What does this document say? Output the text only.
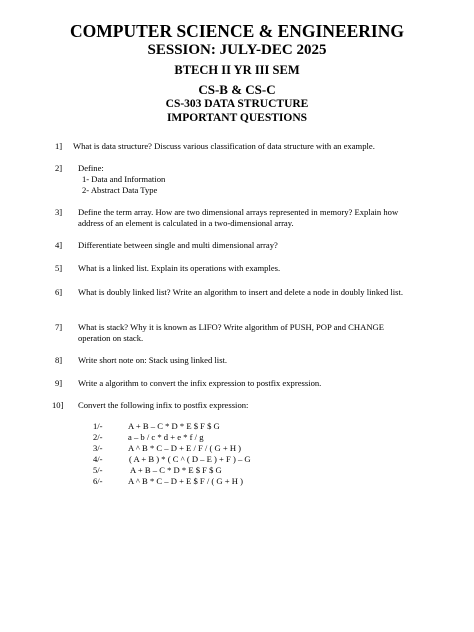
COMPUTER SCIENCE & ENGINEERING
SESSION: JULY-DEC 2025
BTECH II YR III SEM
CS-B & CS-C
CS-303 DATA STRUCTURE
IMPORTANT QUESTIONS
1] What is data structure? Discuss various classification of data structure with an example.
2] Define:
1- Data and Information
2- Abstract Data Type
3] Define the term array. How are two dimensional arrays represented in memory? Explain how address of an element is calculated in a two-dimensional array.
4] Differentiate between single and multi dimensional array?
5] What is a linked list. Explain its operations with examples.
6] What is doubly linked list? Write an algorithm to insert and delete a node in doubly linked list.
7] What is stack? Why it is known as LIFO? Write algorithm of PUSH, POP and CHANGE operation on stack.
8] Write short note on: Stack using linked list.
9] Write a algorithm to convert the infix expression to postfix expression.
10] Convert the following infix to postfix expression:
1/-	A + B – C * D * E $ F $ G
2/-	a – b / c * d + e * f / g
3/-	A ^ B * C – D + E / F / ( G + H )
4/-	( A + B ) * ( C ^ ( D – E ) + F ) – G
5/-	A + B – C * D * E $ F $ G
6/-	A ^ B * C – D + E $ F / ( G + H )
